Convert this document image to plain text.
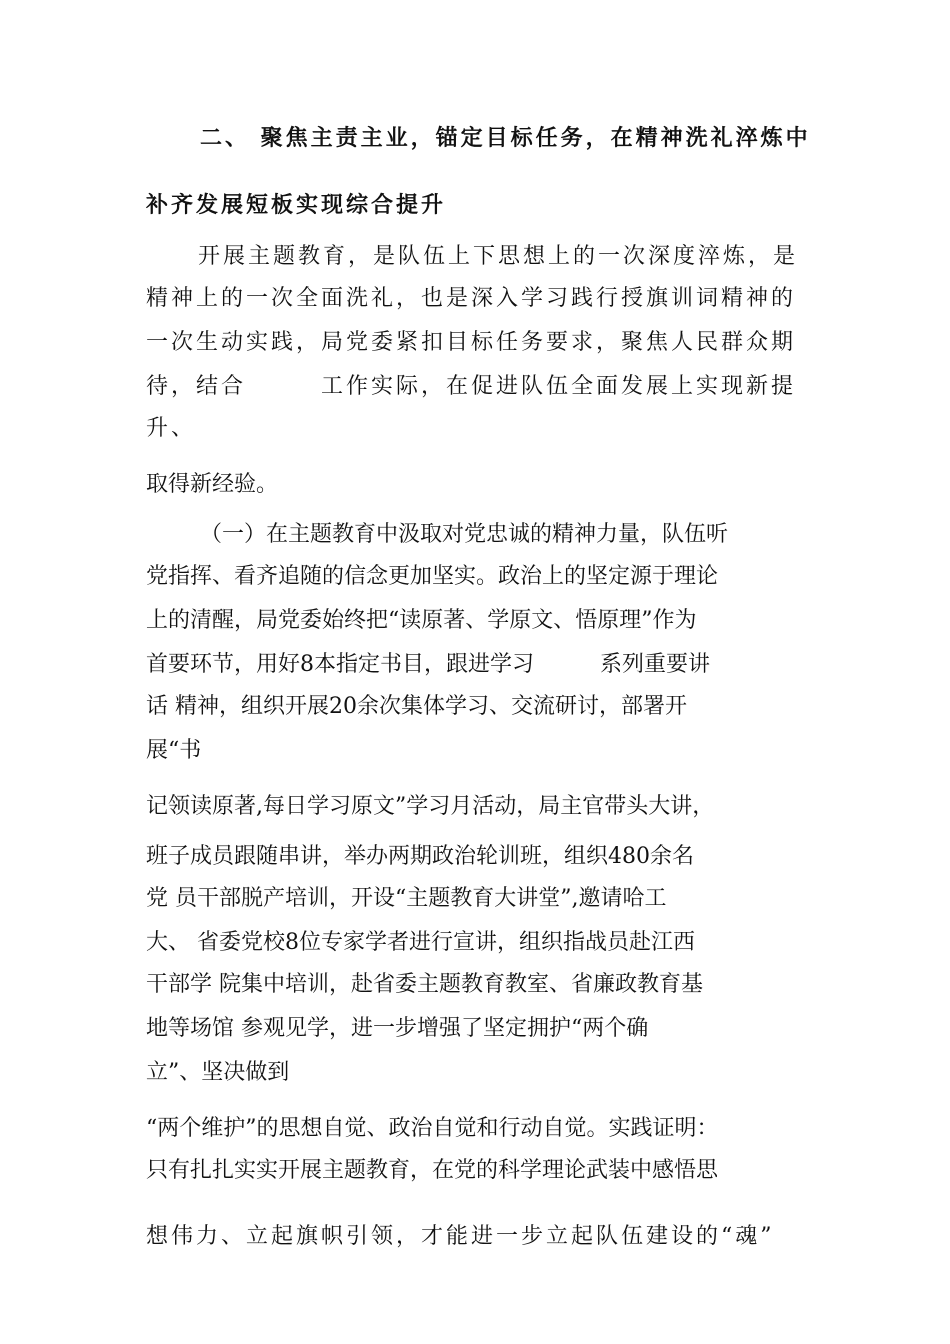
二、 聚焦主责主业，锚定目标任务，在精神洗礼淬炼中

补齐发展短板实现综合提升

开展主题教育，是队伍上下思想上的一次深度淬炼，是

精神上的一次全面洗礼，也是深入学习践行授旗训词精神的

一次生动实践，局党委紧扣目标任务要求，聚焦人民群众期

待，结合　　　工作实际，在促进队伍全面发展上实现新提

升、

取得新经验。

（一）在主题教育中汲取对党忠诚的精神力量，队伍听

党指挥、看齐追随的信念更加坚实。政治上的坚定源于理论

上的清醒，局党委始终把“读原著、学原文、悟原理”作为

首要环节，用好8本指定书目，跟进学习　　　系列重要讲

话 精神，组织开展20余次集体学习、交流研讨，部署开

展“书

记领读原著,每日学习原文”学习月活动，局主官带头大讲，

班子成员跟随串讲，举办两期政治轮训班，组织480余名

党 员干部脱产培训，开设“主题教育大讲堂”,邀请哈工

大、 省委党校8位专家学者进行宣讲，组织指战员赴江西

干部学 院集中培训，赴省委主题教育教室、省廉政教育基

地等场馆 参观见学，进一步增强了坚定拥护“两个确

立”、坚决做到

“两个维护”的思想自觉、政治自觉和行动自觉。实践证明：

只有扎扎实实开展主题教育，在党的科学理论武装中感悟思

想伟力、立起旗帜引领，才能进一步立起队伍建设的“魂”
